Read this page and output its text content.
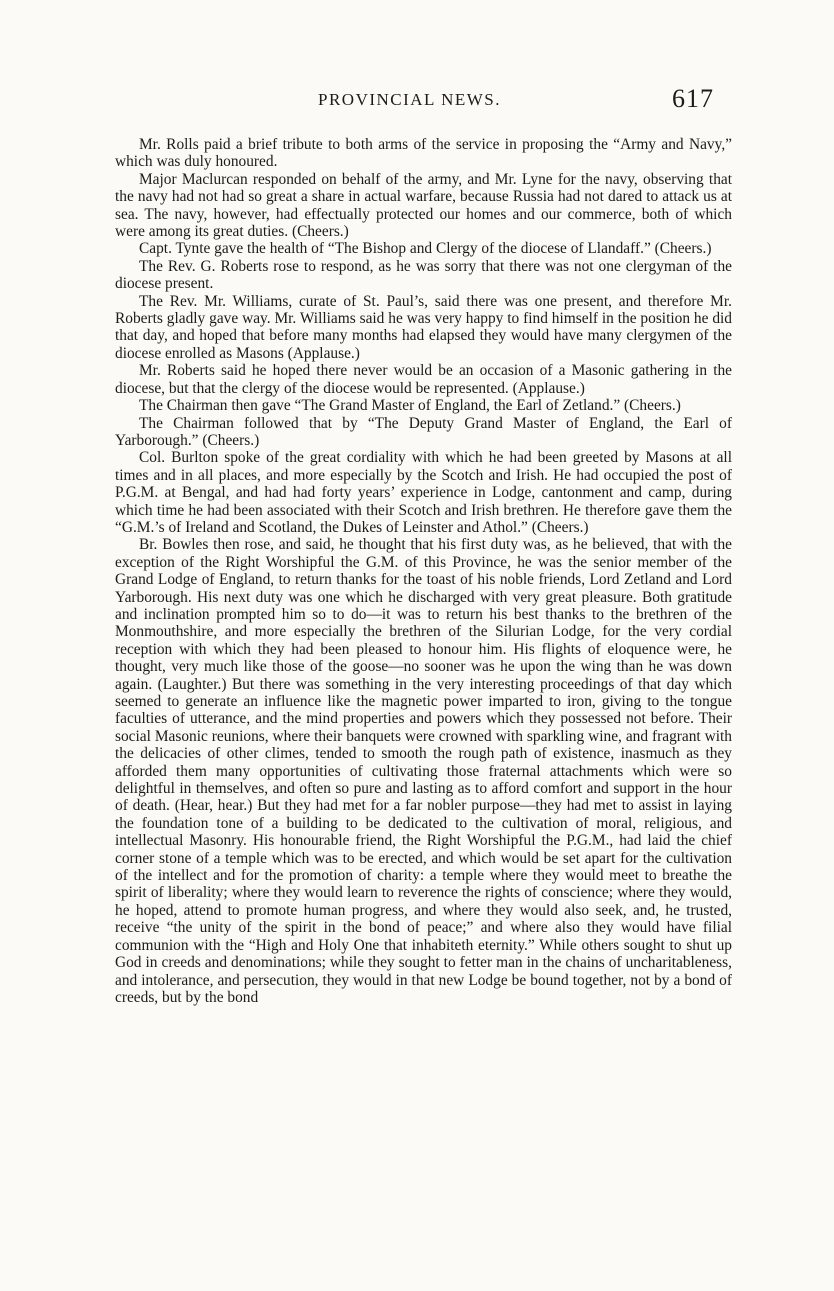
PROVINCIAL NEWS.	617

Mr. Rolls paid a brief tribute to both arms of the service in proposing the “Army and Navy,” which was duly honoured.

Major Maclurcan responded on behalf of the army, and Mr. Lyne for the navy, observing that the navy had not had so great a share in actual warfare, because Russia had not dared to attack us at sea. The navy, however, had effectually protected our homes and our commerce, both of which were among its great duties. (Cheers.)

Capt. Tynte gave the health of “The Bishop and Clergy of the diocese of Llandaff.” (Cheers.)

The Rev. G. Roberts rose to respond, as he was sorry that there was not one clergyman of the diocese present.

The Rev. Mr. Williams, curate of St. Paul’s, said there was one present, and therefore Mr. Roberts gladly gave way. Mr. Williams said he was very happy to find himself in the position he did that day, and hoped that before many months had elapsed they would have many clergymen of the diocese enrolled as Masons (Applause.)

Mr. Roberts said he hoped there never would be an occasion of a Masonic gathering in the diocese, but that the clergy of the diocese would be represented. (Applause.)

The Chairman then gave “The Grand Master of England, the Earl of Zetland.” (Cheers.)

The Chairman followed that by “The Deputy Grand Master of England, the Earl of Yarborough.” (Cheers.)

Col. Burlton spoke of the great cordiality with which he had been greeted by Masons at all times and in all places, and more especially by the Scotch and Irish. He had occupied the post of P.G.M. at Bengal, and had had forty years’ experience in Lodge, cantonment and camp, during which time he had been associated with their Scotch and Irish brethren. He therefore gave them the “G.M.’s of Ireland and Scotland, the Dukes of Leinster and Athol.” (Cheers.)

Br. Bowles then rose, and said, he thought that his first duty was, as he believed, that with the exception of the Right Worshipful the G.M. of this Province, he was the senior member of the Grand Lodge of England, to return thanks for the toast of his noble friends, Lord Zetland and Lord Yarborough. His next duty was one which he discharged with very great pleasure. Both gratitude and inclination prompted him so to do—it was to return his best thanks to the brethren of the Monmouthshire, and more especially the brethren of the Silurian Lodge, for the very cordial reception with which they had been pleased to honour him. His flights of eloquence were, he thought, very much like those of the goose—no sooner was he upon the wing than he was down again. (Laughter.) But there was something in the very interesting proceedings of that day which seemed to generate an influence like the magnetic power imparted to iron, giving to the tongue faculties of utterance, and the mind properties and powers which they possessed not before. Their social Masonic reunions, where their banquets were crowned with sparkling wine, and fragrant with the delicacies of other climes, tended to smooth the rough path of existence, inasmuch as they afforded them many opportunities of cultivating those fraternal attachments which were so delightful in themselves, and often so pure and lasting as to afford comfort and support in the hour of death. (Hear, hear.) But they had met for a far nobler purpose—they had met to assist in laying the foundation tone of a building to be dedicated to the cultivation of moral, religious, and intellectual Masonry. His honourable friend, the Right Worshipful the P.G.M., had laid the chief corner stone of a temple which was to be erected, and which would be set apart for the cultivation of the intellect and for the promotion of charity: a temple where they would meet to breathe the spirit of liberality; where they would learn to reverence the rights of conscience; where they would, he hoped, attend to promote human progress, and where they would also seek, and, he trusted, receive “the unity of the spirit in the bond of peace;” and where also they would have filial communion with the “High and Holy One that inhabiteth eternity.” While others sought to shut up God in creeds and denominations; while they sought to fetter man in the chains of uncharitableness, and intolerance, and persecution, they would in that new Lodge be bound together, not by a bond of creeds, but by the bond
